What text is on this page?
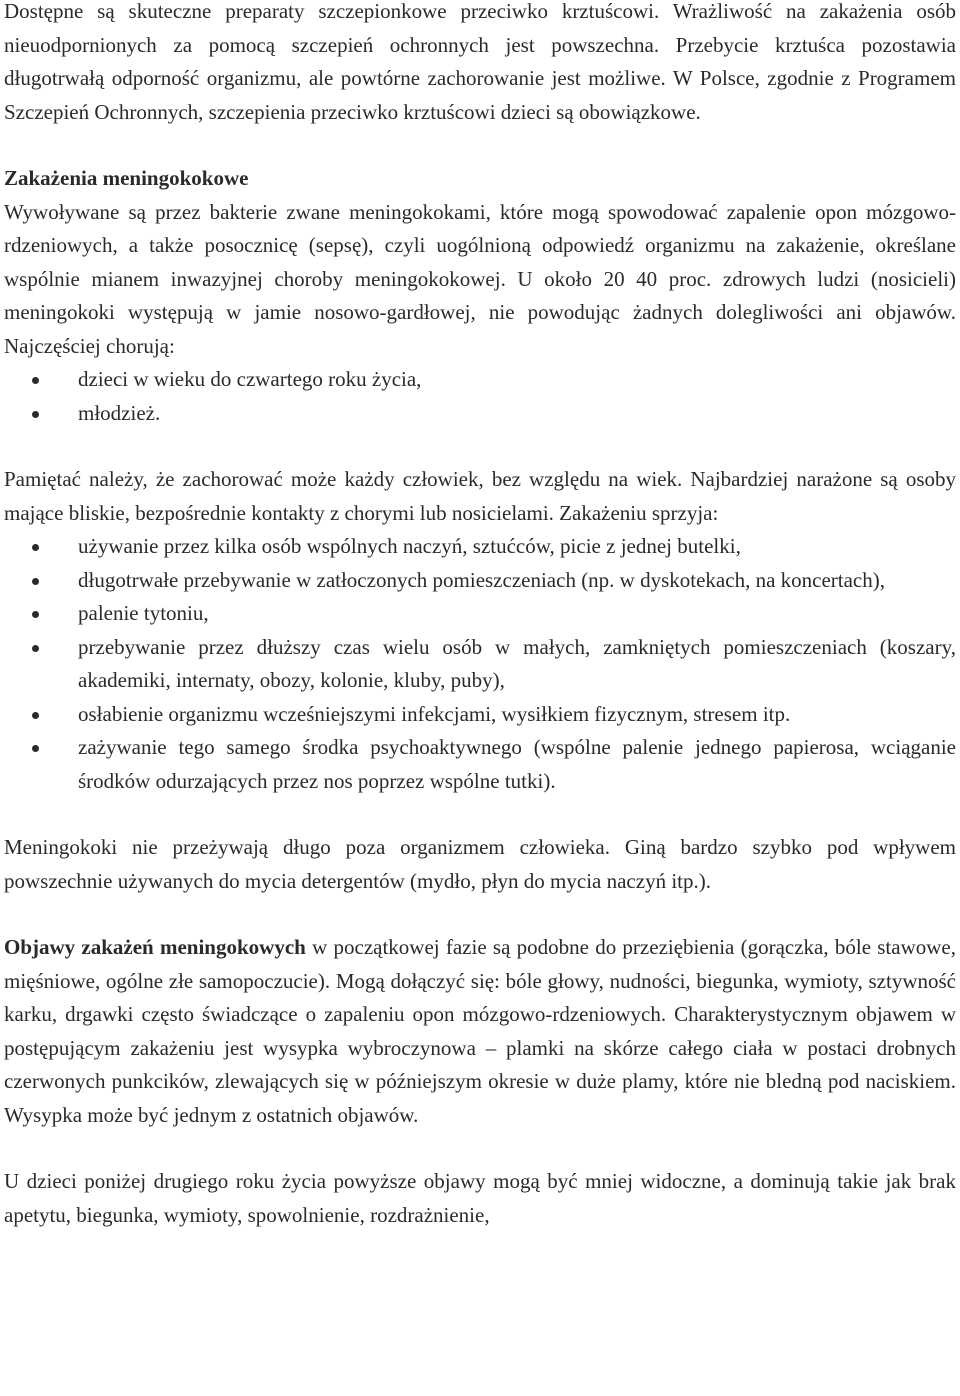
Dostępne są skuteczne preparaty szczepionkowe przeciwko krztuścowi. Wrażliwość na zakażenia osób nieuodpornionych za pomocą szczepień ochronnych jest powszechna. Przebycie krztuśca pozostawia długotrwałą odporność organizmu, ale powtórne zachorowanie jest możliwe. W Polsce, zgodnie z Programem Szczepień Ochronnych, szczepienia przeciwko krztuścowi dzieci są obowiązkowe.

Zakażenia meningokokowe

Wywoływane są przez bakterie zwane meningokokami, które mogą spowodować zapalenie opon mózgowo-rdzeniowych, a także posocznicę (sepsę), czyli uogólnioną odpowiedź organizmu na zakażenie, określane wspólnie mianem inwazyjnej choroby meningokokowej. U około 20 40 proc. zdrowych ludzi (nosicieli) meningokoki występują w jamie nosowo-gardłowej, nie powodując żadnych dolegliwości ani objawów. Najczęściej chorują:

dzieci w wieku do czwartego roku życia,
młodzież.

Pamiętać należy, że zachorować może każdy człowiek, bez względu na wiek. Najbardziej narażone są osoby mające bliskie, bezpośrednie kontakty z chorymi lub nosicielami. Zakażeniu sprzyja:

używanie przez kilka osób wspólnych naczyń, sztućców, picie z jednej butelki,
długotrwałe przebywanie w zatłoczonych pomieszczeniach (np. w dyskotekach, na koncertach),
palenie tytoniu,
przebywanie przez dłuższy czas wielu osób w małych, zamkniętych pomieszczeniach (koszary, akademiki, internaty, obozy, kolonie, kluby, puby),
osłabienie organizmu wcześniejszymi infekcjami, wysiłkiem fizycznym, stresem itp.
zażywanie tego samego środka psychoaktywnego (wspólne palenie jednego papierosa, wciąganie środków odurzających przez nos poprzez wspólne tutki).

Meningokoki nie przeżywają długo poza organizmem człowieka. Giną bardzo szybko pod wpływem powszechnie używanych do mycia detergentów (mydło, płyn do mycia naczyń itp.).

Objawy zakażeń meningokowych w początkowej fazie są podobne do przeziębienia (gorączka, bóle stawowe, mięśniowe, ogólne złe samopoczucie). Mogą dołączyć się: bóle głowy, nudności, biegunka, wymioty, sztywność karku, drgawki często świadczące o zapaleniu opon mózgowo-rdzeniowych. Charakterystycznym objawem w postępującym zakażeniu jest wysypka wybroczynowa – plamki na skórze całego ciała w postaci drobnych czerwonych punkcików, zlewających się w późniejszym okresie w duże plamy, które nie bledną pod naciskiem. Wysypka może być jednym z ostatnich objawów.

U dzieci poniżej drugiego roku życia powyższe objawy mogą być mniej widoczne, a dominują takie jak brak apetytu, biegunka, wymioty, spowolnienie, rozdrażnienie,
